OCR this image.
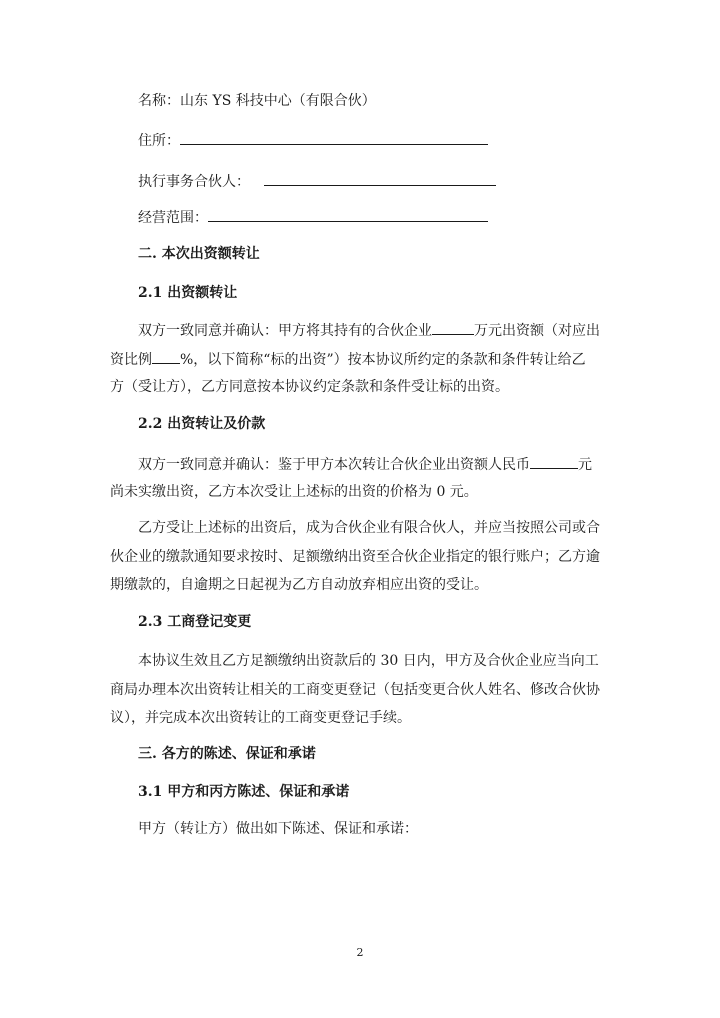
名称：山东 YS 科技中心（有限合伙）
住所：
执行事务合伙人：
经营范围：
二. 本次出资额转让
2.1 出资额转让
双方一致同意并确认：甲方将其持有的合伙企业	万元出资额（对应出
资比例 %，以下简称“标的出资”）按本协议所约定的条款和条件转让给乙
方（受让方），乙方同意按本协议约定条款和条件受让标的出资。
2.2 出资转让及价款
双方一致同意并确认：鉴于甲方本次转让合伙企业出资额人民币	元
尚未实缴出资，乙方本次受让上述标的出资的价格为 0 元。
乙方受让上述标的出资后，成为合伙企业有限合伙人，并应当按照公司或合
伙企业的缴款通知要求按时、足额缴纳出资至合伙企业指定的银行账户；乙方逾
期缴款的，自逾期之日起视为乙方自动放弃相应出资的受让。
2.3 工商登记变更
本协议生效且乙方足额缴纳出资款后的 30 日内，甲方及合伙企业应当向工
商局办理本次出资转让相关的工商变更登记（包括变更合伙人姓名、修改合伙协
议），并完成本次出资转让的工商变更登记手续。
三. 各方的陈述、保证和承诺
3.1 甲方和丙方陈述、保证和承诺
甲方（转让方）做出如下陈述、保证和承诺：
2
